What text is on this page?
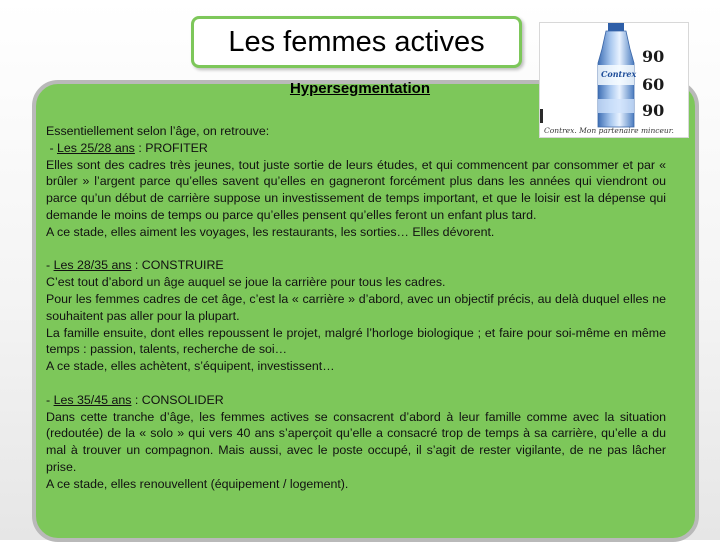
Les femmes actives	90
60
90
Contrex
Contrex. Mon partenaire minceur.
Hypersegmentation

Essentiellement selon l’âge, on retrouve:

- Les 25/28 ans : PROFITER

Elles sont des cadres très jeunes, tout juste sortie de leurs études, et qui commencent par consommer et par « brûler » l’argent parce qu’elles savent qu’elles en gagneront forcément plus dans les années qui viendront ou parce qu’un début de carrière suppose un investissement de temps important, et que le loisir est la dépense qui demande le moins de temps ou parce qu’elles pensent qu’elles feront un enfant plus tard.

A ce stade, elles aiment les voyages, les restaurants, les sorties… Elles dévorent.

- Les 28/35 ans : CONSTRUIRE

C’est tout d’abord un âge auquel se joue la carrière pour tous les cadres.

Pour les femmes cadres de cet âge, c’est la « carrière » d’abord, avec un objectif précis, au delà duquel elles ne souhaitent pas aller pour la plupart.

La famille ensuite, dont elles repoussent le projet, malgré l’horloge biologique ; et faire pour soi-même en même temps : passion, talents, recherche de soi…

A ce stade, elles achètent, s’équipent, investissent…

- Les 35/45 ans : CONSOLIDER

Dans cette tranche d’âge, les femmes actives se consacrent d’abord à leur famille comme avec la situation (redoutée) de la « solo » qui vers 40 ans s’aperçoit qu’elle a consacré trop de temps à sa carrière, qu’elle a du mal à trouver un compagnon. Mais aussi, avec le poste occupé, il s’agit de rester vigilante, de ne pas lâcher prise.

A ce stade, elles renouvellent (équipement / logement).
